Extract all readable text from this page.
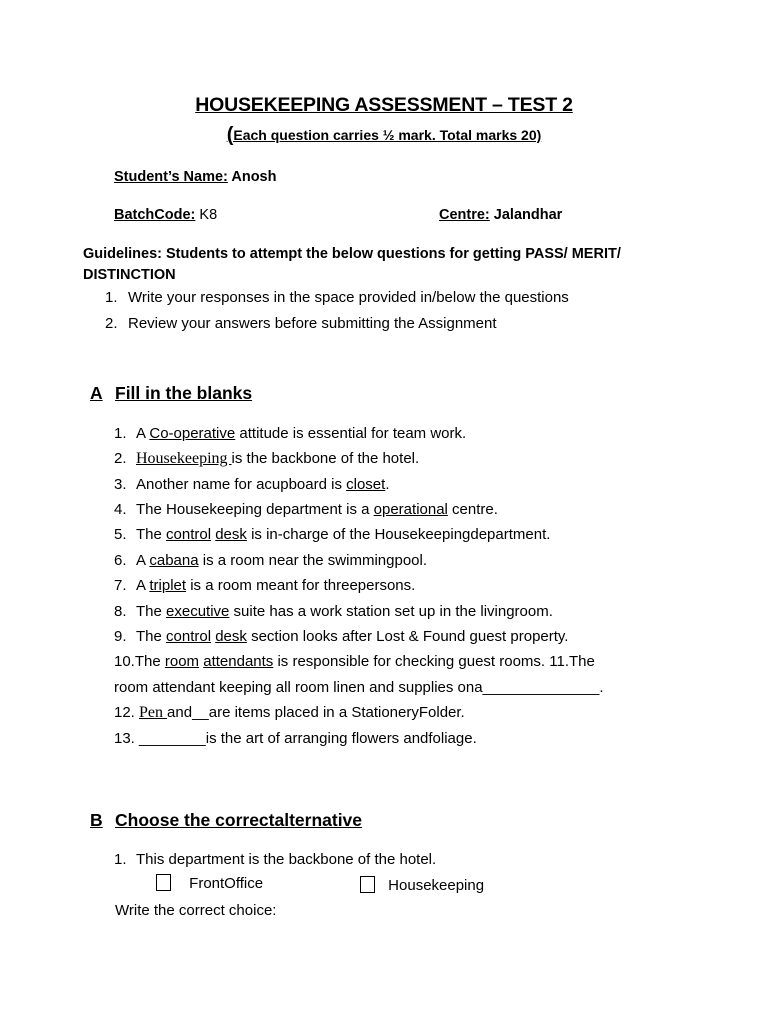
HOUSEKEEPING ASSESSMENT – TEST 2
(Each question carries ½ mark. Total marks 20)
Student’s Name: Anosh
BatchCode: K8	Centre: Jalandhar
Guidelines: Students to attempt the below questions for getting PASS/ MERIT/ DISTINCTION
1. Write your responses in the space provided in/below the questions
2. Review your answers before submitting the Assignment
A Fill in the blanks
1. A Co-operative attitude is essential for team work.
2. Housekeeping is the backbone of the hotel.
3. Another name for acupboard is closet.
4. The Housekeeping department is a operational centre.
5. The control desk is in-charge of the Housekeepingdepartment.
6. A cabana is a room near the swimmingpool.
7. A triplet is a room meant for threepersons.
8. The executive suite has a work station set up in the livingroom.
9. The control desk section looks after Lost & Found guest property.
10.The room attendants is responsible for checking guest rooms. 11.The
room attendant keeping all room linen and supplies ona______________.
12. Pen and__are items placed in a StationeryFolder.
13. ________is the art of arranging flowers andfoliage.
B Choose the correctalternative
1. This department is the backbone of the hotel.
FrontOffice	Housekeeping
Write the correct choice:
